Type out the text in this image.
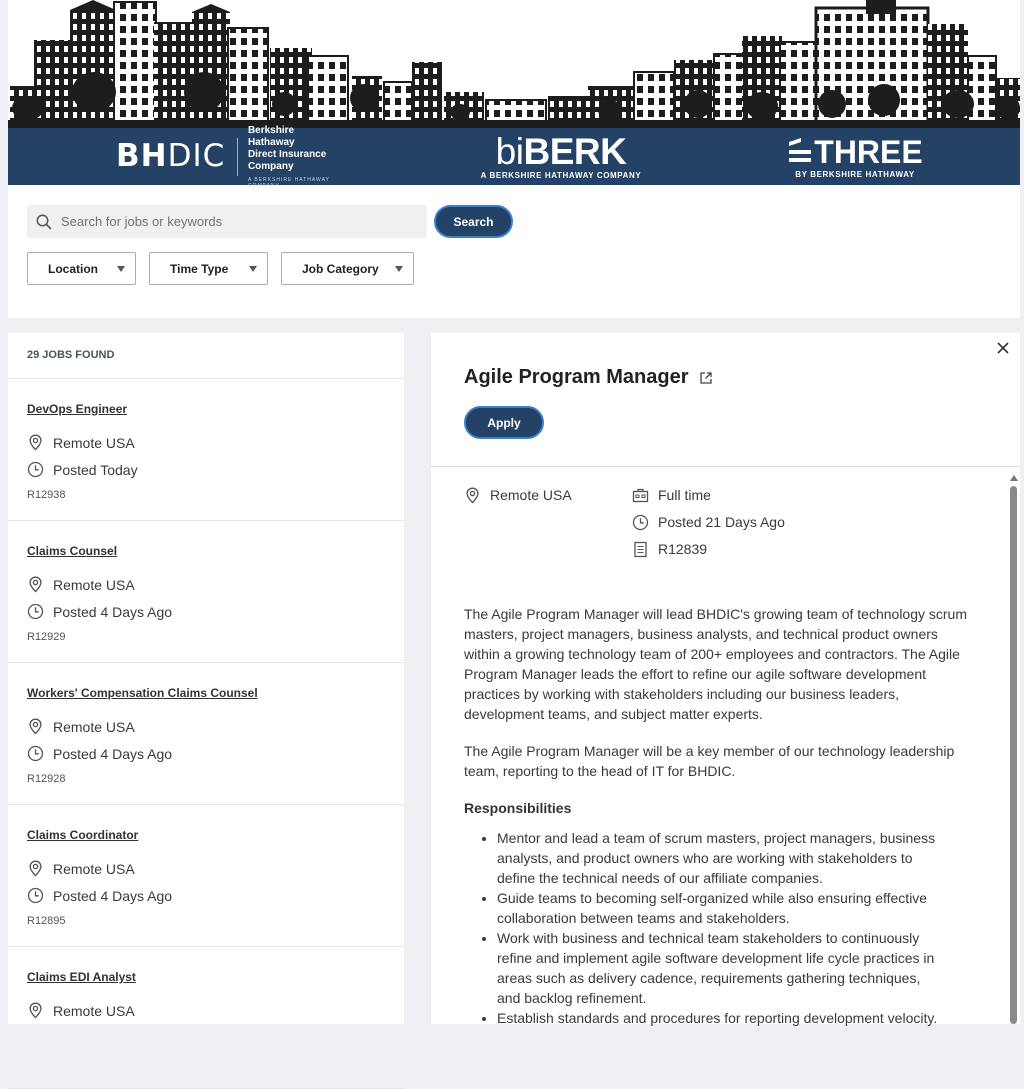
BHDIC
Berkshire Hathaway
Direct Insurance Company
A BERKSHIRE HATHAWAY
biBERK
A BERKSHIRE HATHAWAY COMPANY
THREE
BY BERKSHIRE HATHAWAY
Search for jobs or keywords
Search
Location	Time Type	Job Category
29 JOBS FOUND
DevOps Engineer
Remote USA
Posted Today
R12938
Claims Counsel
Remote USA
Posted 4 Days Ago
R12929
Workers' Compensation Claims Counsel
Remote USA
Posted 4 Days Ago
R12928
Claims Coordinator
Remote USA
Posted 4 Days Ago
R12895
Claims EDI Analyst
Remote USA
Agile Program Manager
Apply
Remote USA	Full time
Posted 21 Days Ago
R12839

The Agile Program Manager will lead BHDIC's growing team of technology scrum masters, project managers, business analysts, and technical product owners within a growing technology team of 200+ employees and contractors. The Agile Program Manager leads the effort to refine our agile software development practices by working with stakeholders including our business leaders, development teams, and subject matter experts.

The Agile Program Manager will be a key member of our technology leadership team, reporting to the head of IT for BHDIC.

Responsibilities
• Mentor and lead a team of scrum masters, project managers, business analysts, and product owners who are working with stakeholders to define the technical needs of our affiliate companies.
• Guide teams to becoming self-organized while also ensuring effective collaboration between teams and stakeholders.
• Work with business and technical team stakeholders to continuously refine and implement agile software development life cycle practices in areas such as delivery cadence, requirements gathering techniques, and backlog refinement.
• Establish standards and procedures for reporting development velocity.
